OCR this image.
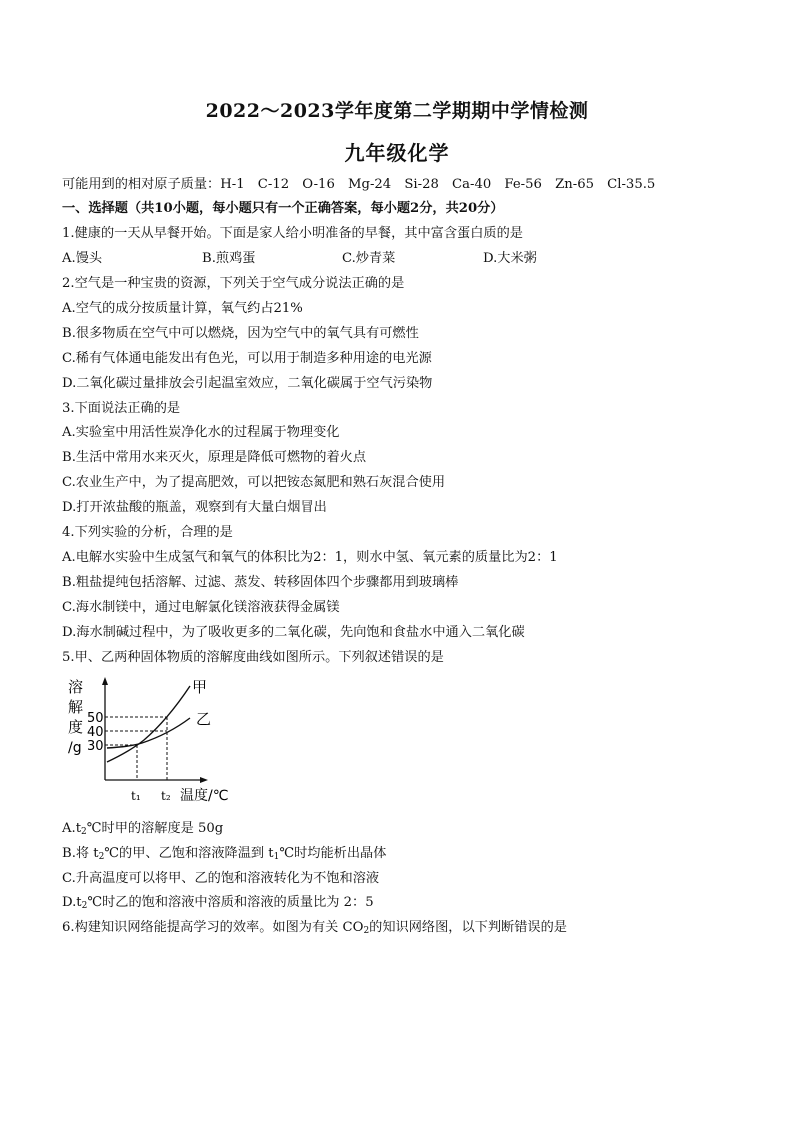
2022～2023学年度第二学期期中学情检测
九年级化学
可能用到的相对原子质量：H-1　C-12　O-16　Mg-24　Si-28　Ca-40　Fe-56　Zn-65　Cl-35.5
一、选择题（共10小题，每小题只有一个正确答案，每小题2分，共20分）
1.健康的一天从早餐开始。下面是家人给小明准备的早餐，其中富含蛋白质的是
A.馒头	B.煎鸡蛋	C.炒青菜	D.大米粥
2.空气是一种宝贵的资源，下列关于空气成分说法正确的是
A.空气的成分按质量计算，氧气约占21%
B.很多物质在空气中可以燃烧，因为空气中的氧气具有可燃性
C.稀有气体通电能发出有色光，可以用于制造多种用途的电光源
D.二氧化碳过量排放会引起温室效应，二氧化碳属于空气污染物
3.下面说法正确的是
A.实验室中用活性炭净化水的过程属于物理变化
B.生活中常用水来灭火，原理是降低可燃物的着火点
C.农业生产中，为了提高肥效，可以把铵态氮肥和熟石灰混合使用
D.打开浓盐酸的瓶盖，观察到有大量白烟冒出
4.下列实验的分析，合理的是
A.电解水实验中生成氢气和氧气的体积比为2：1，则水中氢、氧元素的质量比为2：1
B.粗盐提纯包括溶解、过滤、蒸发、转移固体四个步骤都用到玻璃棒
C.海水制镁中，通过电解氯化镁溶液获得金属镁
D.海水制碱过程中，为了吸收更多的二氧化碳，先向饱和食盐水中通入二氧化碳
5.甲、乙两种固体物质的溶解度曲线如图所示。下列叙述错误的是
溶
解
度
/g
50
40
30
甲
乙
t₁ t₂ 温度/℃
$A.t_2℃$时甲的溶解度是 50g
B.将 $t_2℃$的甲、乙饱和溶液降温到 $t_1℃$时均能析出晶体
C.升高温度可以将甲、乙的饱和溶液转化为不饱和溶液
$D.t_2℃$时乙的饱和溶液中溶质和溶液的质量比为 2：5
6.构建知识网络能提高学习的效率。如图为有关 $CO_2$的知识网络图，以下判断错误的是
